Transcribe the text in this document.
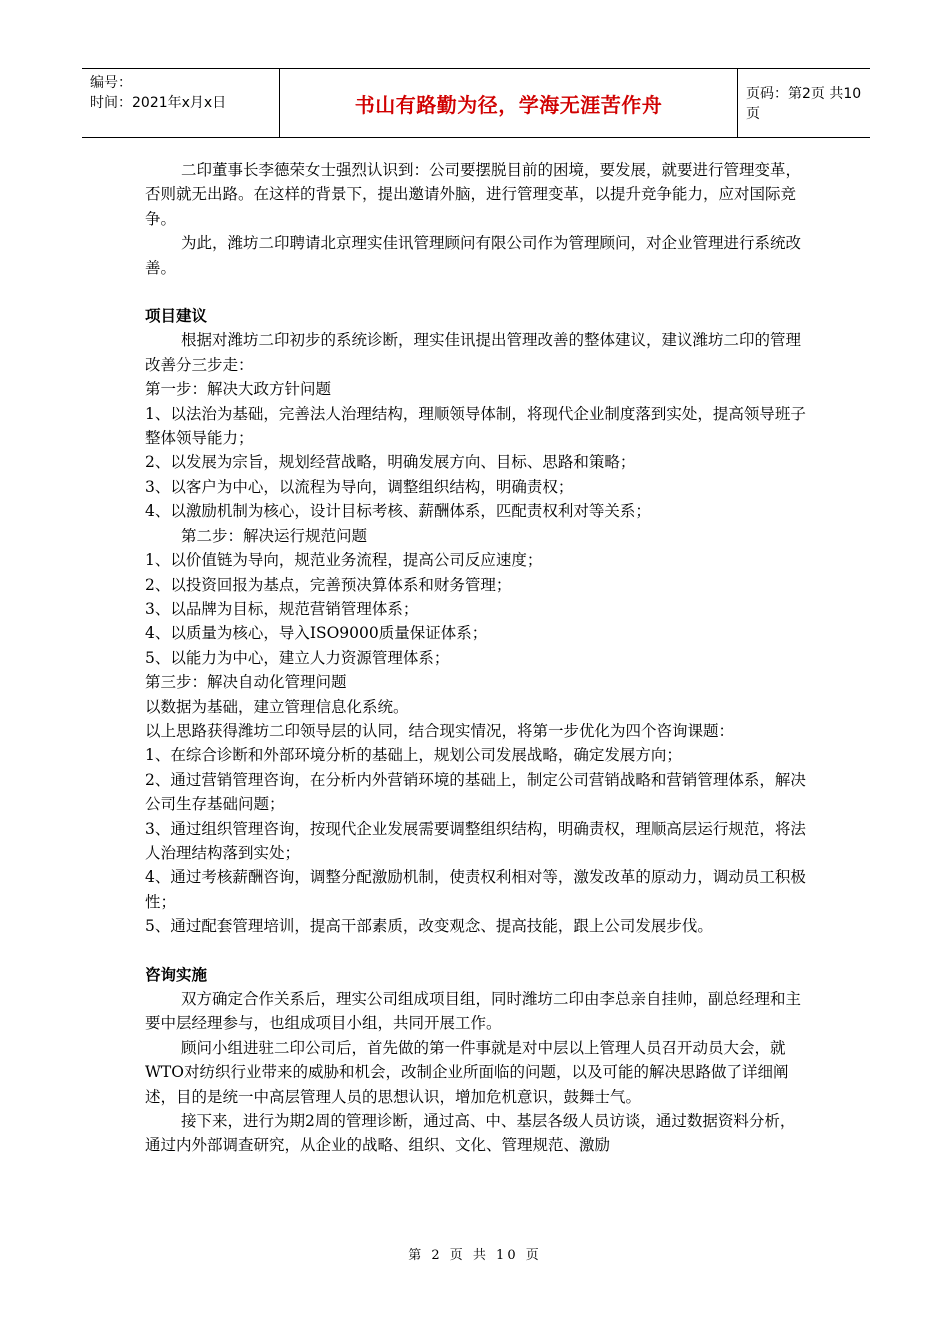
编号：
时间：2021年x月x日	书山有路勤为径，学海无涯苦作舟	页码：第2页 共10页

二印董事长李德荣女士强烈认识到：公司要摆脱目前的困境，要发展，就要进行管理变革，否则就无出路。在这样的背景下，提出邀请外脑，进行管理变革，以提升竞争能力，应对国际竞争。

为此，潍坊二印聘请北京理实佳讯管理顾问有限公司作为管理顾问，对企业管理进行系统改善。

项目建议

根据对潍坊二印初步的系统诊断，理实佳讯提出管理改善的整体建议，建议潍坊二印的管理改善分三步走：

第一步：解决大政方针问题

1、以法治为基础，完善法人治理结构，理顺领导体制，将现代企业制度落到实处，提高领导班子整体领导能力；

2、以发展为宗旨，规划经营战略，明确发展方向、目标、思路和策略；

3、以客户为中心，以流程为导向，调整组织结构，明确责权；

4、以激励机制为核心，设计目标考核、薪酬体系，匹配责权利对等关系；

第二步：解决运行规范问题

1、以价值链为导向，规范业务流程，提高公司反应速度；

2、以投资回报为基点，完善预决算体系和财务管理；

3、以品牌为目标，规范营销管理体系；

4、以质量为核心，导入ISO9000质量保证体系；

5、以能力为中心，建立人力资源管理体系；

第三步：解决自动化管理问题

以数据为基础，建立管理信息化系统。

以上思路获得潍坊二印领导层的认同，结合现实情况，将第一步优化为四个咨询课题：

1、在综合诊断和外部环境分析的基础上，规划公司发展战略，确定发展方向；

2、通过营销管理咨询，在分析内外营销环境的基础上，制定公司营销战略和营销管理体系，解决公司生存基础问题；

3、通过组织管理咨询，按现代企业发展需要调整组织结构，明确责权，理顺高层运行规范，将法人治理结构落到实处；

4、通过考核薪酬咨询，调整分配激励机制，使责权利相对等，激发改革的原动力，调动员工积极性；

5、通过配套管理培训，提高干部素质，改变观念、提高技能，跟上公司发展步伐。

咨询实施

双方确定合作关系后，理实公司组成项目组，同时潍坊二印由李总亲自挂帅，副总经理和主要中层经理参与，也组成项目小组，共同开展工作。

顾问小组进驻二印公司后，首先做的第一件事就是对中层以上管理人员召开动员大会，就WTO对纺织行业带来的威胁和机会，改制企业所面临的问题，以及可能的解决思路做了详细阐述，目的是统一中高层管理人员的思想认识，增加危机意识，鼓舞士气。

接下来，进行为期2周的管理诊断，通过高、中、基层各级人员访谈，通过数据资料分析，通过内外部调查研究，从企业的战略、组织、文化、管理规范、激励

第 2 页 共 10 页
